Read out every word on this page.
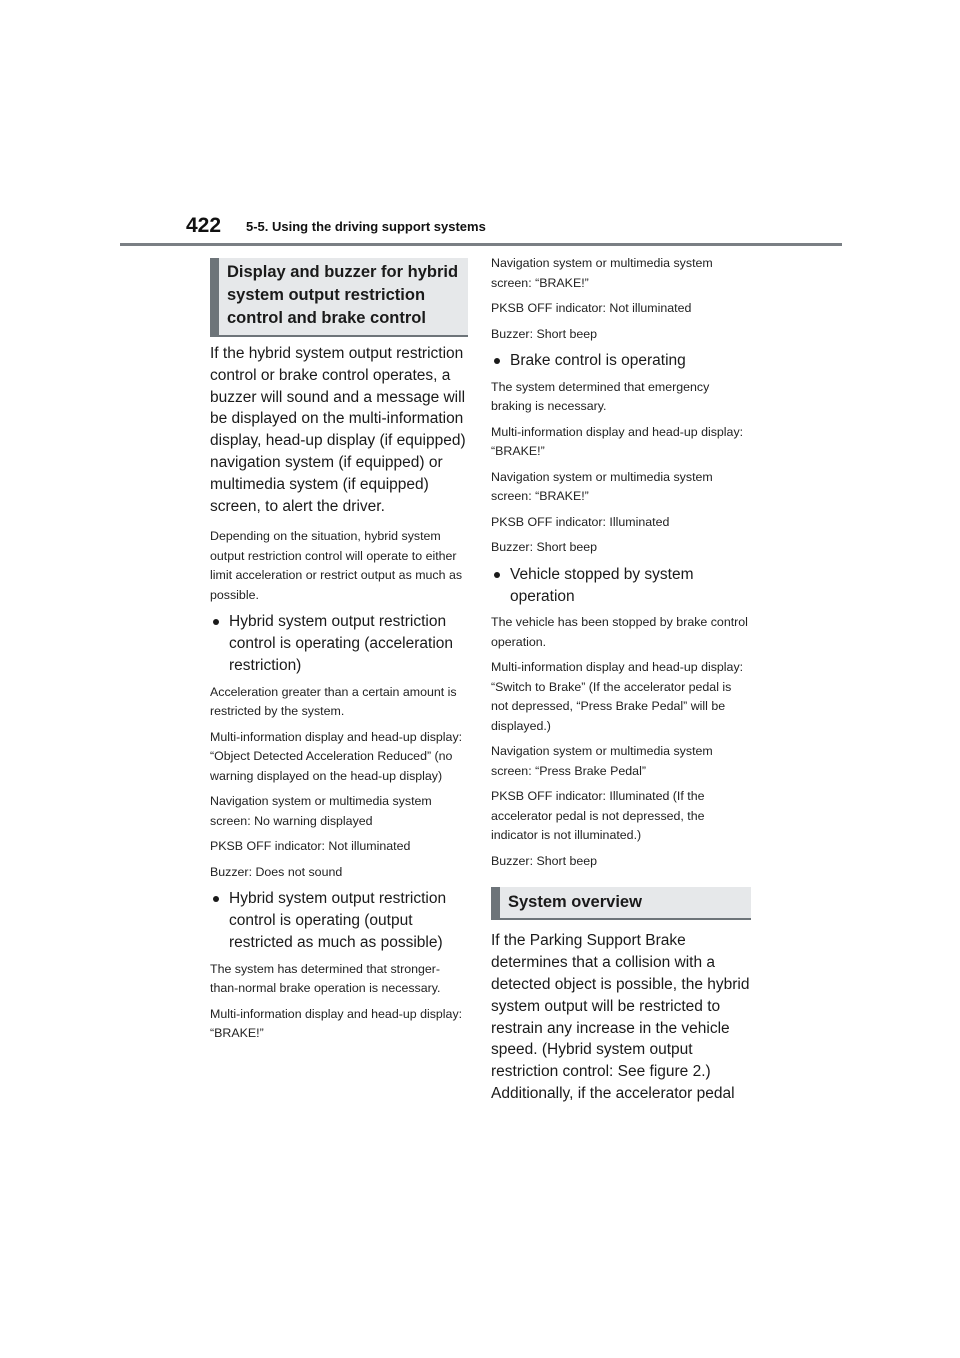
422 5-5. Using the driving support systems
Display and buzzer for hybrid system output restriction control and brake control

If the hybrid system output restriction control or brake control operates, a buzzer will sound and a message will be displayed on the multi-information display, head-up display (if equipped) navigation system (if equipped) or multimedia system (if equipped) screen, to alert the driver.

Depending on the situation, hybrid system output restriction control will operate to either limit acceleration or restrict output as much as possible.

Hybrid system output restriction control is operating (acceleration restriction)

Acceleration greater than a certain amount is restricted by the system.

Multi-information display and head-up display: “Object Detected Acceleration Reduced” (no warning displayed on the head-up display)

Navigation system or multimedia system screen: No warning displayed

PKSB OFF indicator: Not illuminated

Buzzer: Does not sound

Hybrid system output restriction control is operating (output restricted as much as possible)

The system has determined that stronger-than-normal brake operation is necessary.

Multi-information display and head-up display: “BRAKE!”

Navigation system or multimedia system screen: “BRAKE!”

PKSB OFF indicator: Not illuminated

Buzzer: Short beep

Brake control is operating

The system determined that emergency braking is necessary.

Multi-information display and head-up display: “BRAKE!”

Navigation system or multimedia system screen: “BRAKE!”

PKSB OFF indicator: Illuminated

Buzzer: Short beep

Vehicle stopped by system operation

The vehicle has been stopped by brake control operation.

Multi-information display and head-up display: “Switch to Brake” (If the accelerator pedal is not depressed, “Press Brake Pedal” will be displayed.)

Navigation system or multimedia system screen: “Press Brake Pedal”

PKSB OFF indicator: Illuminated (If the accelerator pedal is not depressed, the indicator is not illuminated.)

Buzzer: Short beep

System overview

If the Parking Support Brake determines that a collision with a detected object is possible, the hybrid system output will be restricted to restrain any increase in the vehicle speed. (Hybrid system output restriction control: See figure 2.) Additionally, if the accelerator pedal
